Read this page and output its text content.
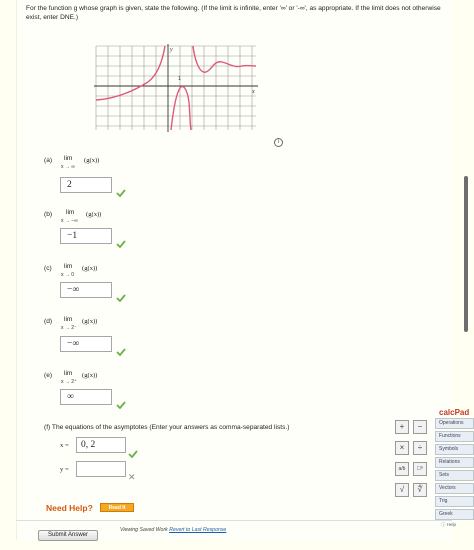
For the function g whose graph is given, state the following. (If the limit is infinite, enter '∞' or '-∞', as appropriate. If the limit does not otherwise exist, enter DNE.)
y
x
1
i
(a) lim
x → ∞
(g(x))
2
(b) lim
x → −∞
(g(x))
−1
(c) lim
x → 0
(g(x))
−∞
(d) lim
x → 2⁻
(g(x))
−∞
(e) lim
x → 2⁺
(g(x))
∞
(f) The equations of the asymptotes (Enter your answers as comma-separated lists.)
x =	0, 2
y =
✕
Need Help?	Read It
Viewing Saved Work Revert to Last Response
Submit Answer
calcPad
+	−
×	÷
a/b	□ⁿ
√	∜
Operations
Functions
Symbols
Relations
Sets
Vectors
Trig
Greek
ⓘ Help
